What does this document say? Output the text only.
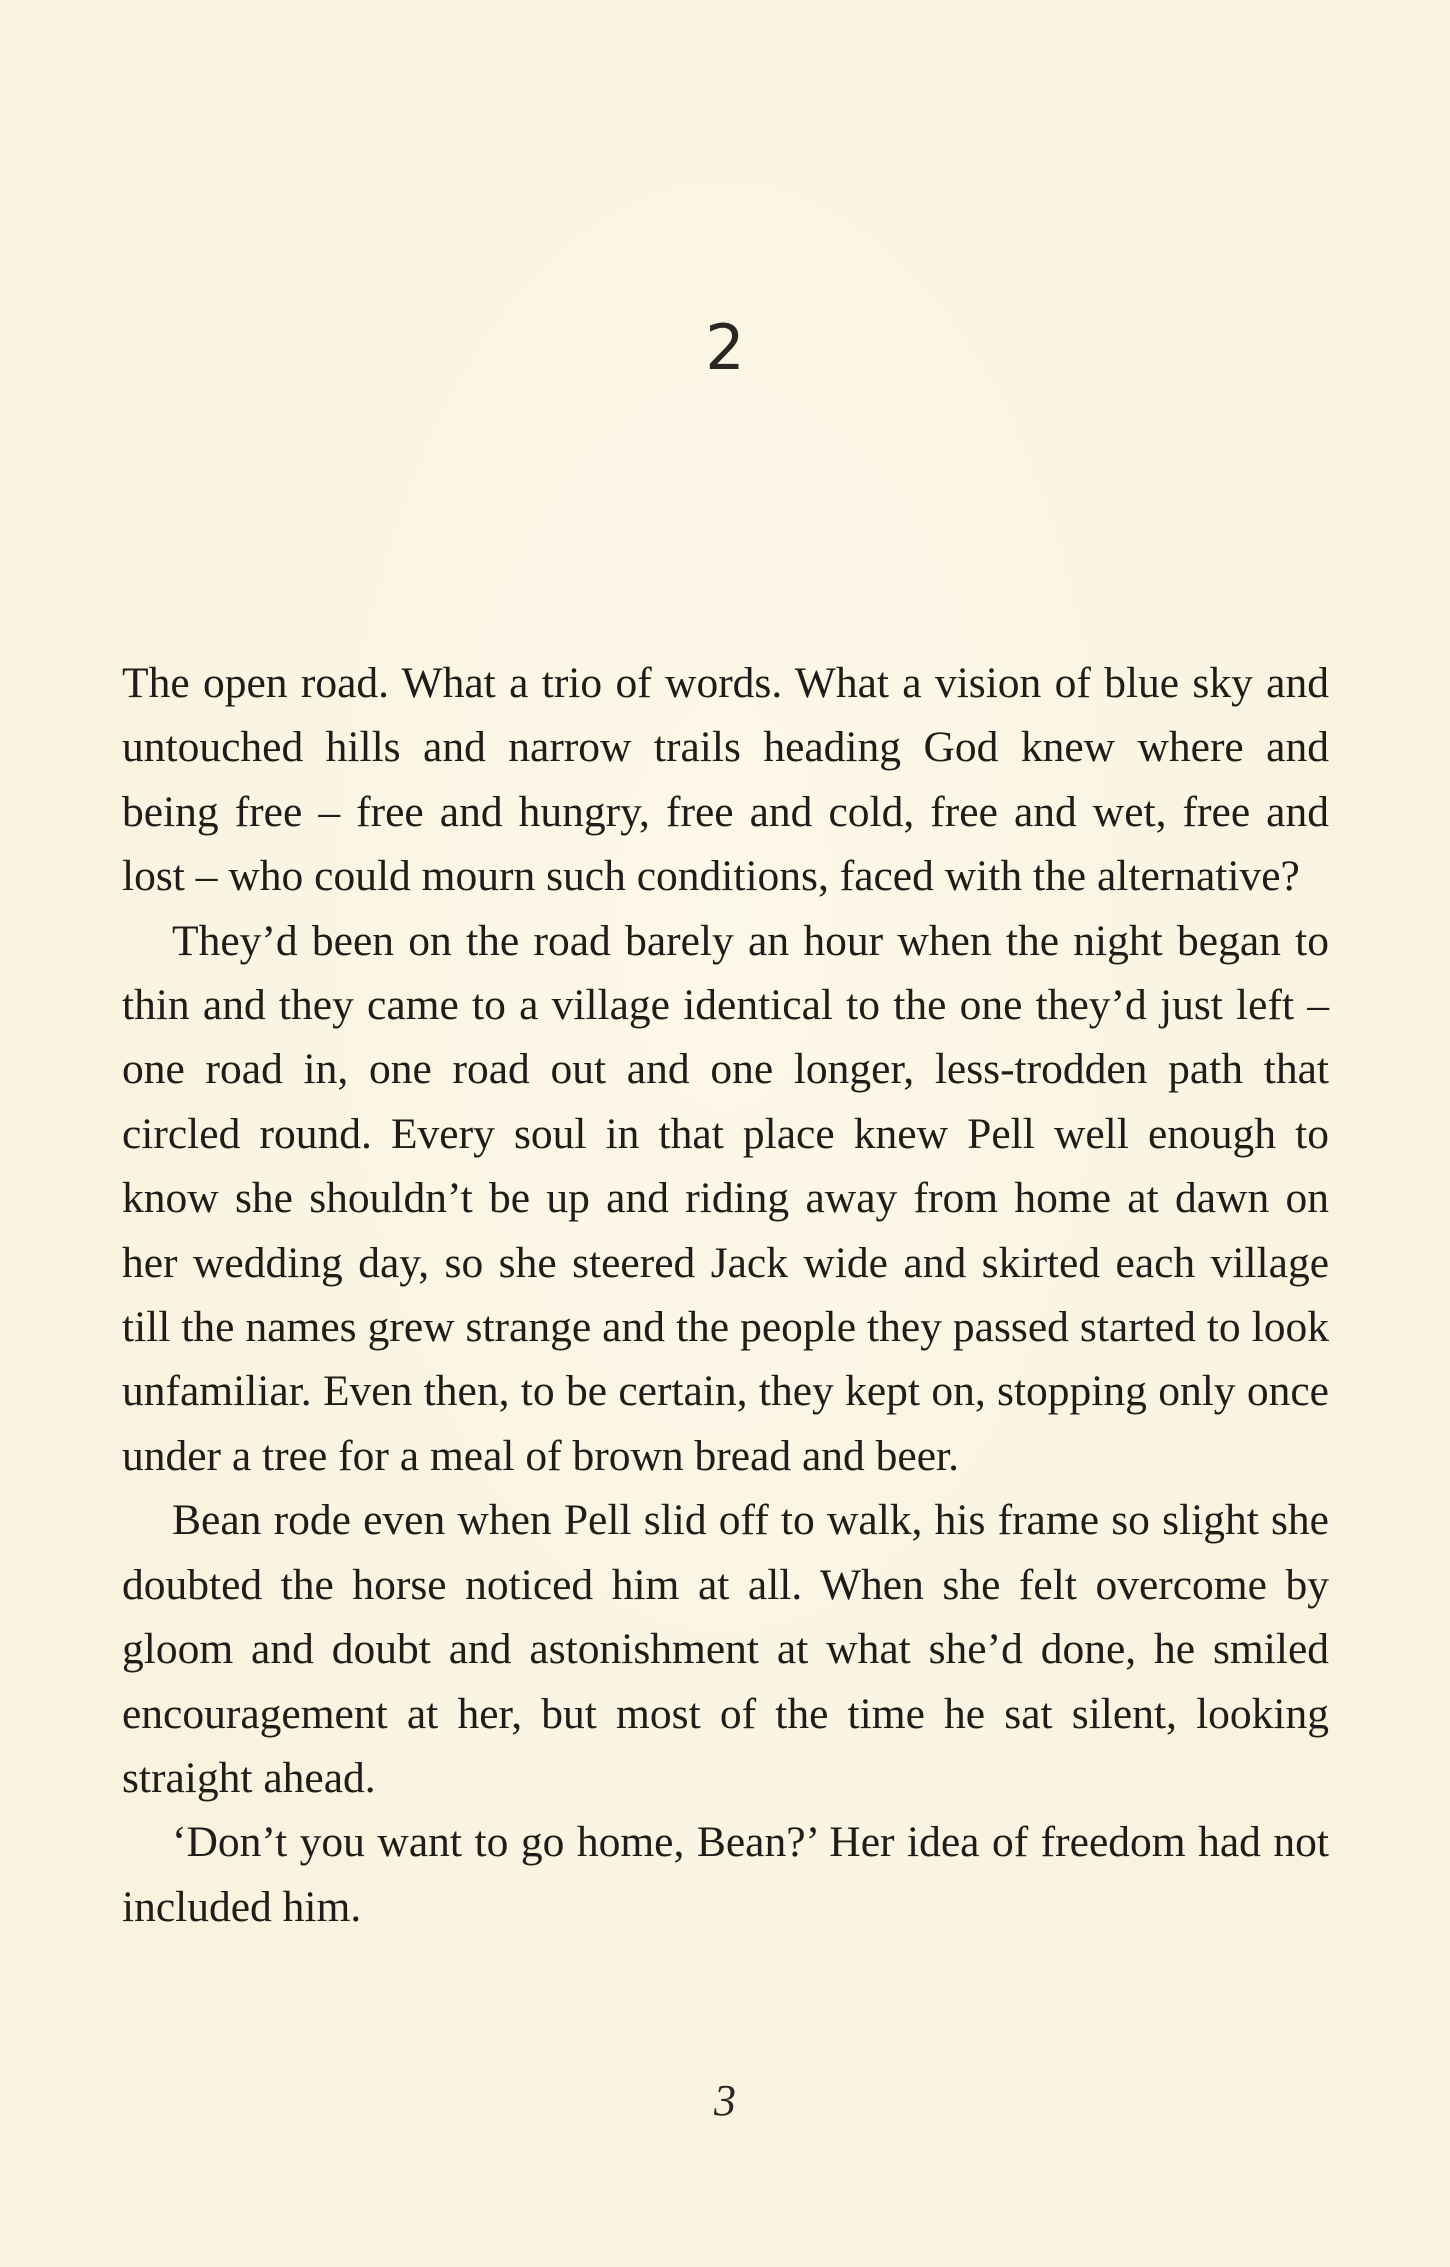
2

The open road. What a trio of words. What a vision of blue sky and untouched hills and narrow trails heading God knew where and being free – free and hungry, free and cold, free and wet, free and lost – who could mourn such conditions, faced with the alternative?

They’d been on the road barely an hour when the night began to thin and they came to a village identical to the one they’d just left – one road in, one road out and one longer, less-trodden path that circled round. Every soul in that place knew Pell well enough to know she shouldn’t be up and riding away from home at dawn on her wedding day, so she steered Jack wide and skirted each village till the names grew strange and the people they passed started to look unfamiliar. Even then, to be certain, they kept on, stopping only once under a tree for a meal of brown bread and beer.

Bean rode even when Pell slid off to walk, his frame so slight she doubted the horse noticed him at all. When she felt overcome by gloom and doubt and astonishment at what she’d done, he smiled encouragement at her, but most of the time he sat silent, looking straight ahead.

‘Don’t you want to go home, Bean?’ Her idea of freedom had not included him.

3
